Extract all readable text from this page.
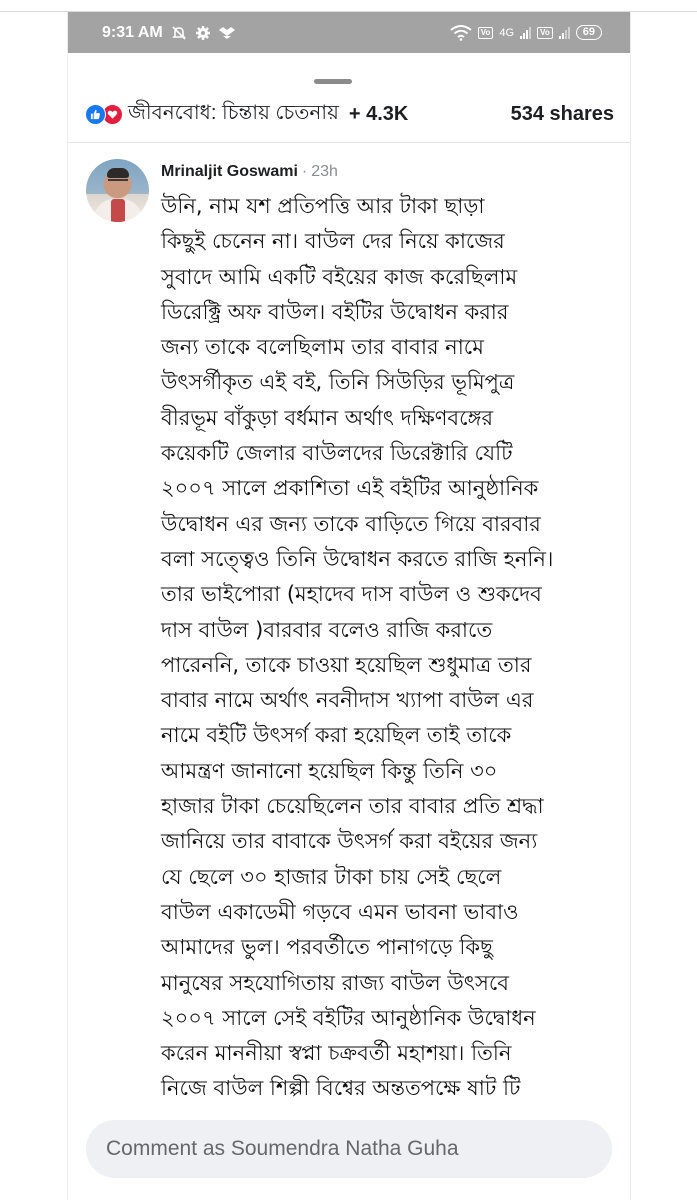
9:31 AM	Vo 4G	Vo	69
জীবনবোধ: চিন্তায় চেতনায় + 4.3K	534 shares
Mrinaljit Goswami · 23h
উনি, নাম যশ প্রতিপত্তি আর টাকা ছাড়া
কিছুই চেনেন না। বাউল দের নিয়ে কাজের
সুবাদে আমি একটি বইয়ের কাজ করেছিলাম
ডিরেক্ট্রি অফ বাউল। বইটির উদ্বোধন করার
জন্য তাকে বলেছিলাম তার বাবার নামে
উৎসর্গীকৃত এই বই, তিনি সিউড়ির ভূমিপুত্র
বীরভূম বাঁকুড়া বর্ধমান অর্থাৎ দক্ষিণবঙ্গের
কয়েকটি জেলার বাউলদের ডিরেক্টারি যেটি
২০০৭ সালে প্রকাশিতা এই বইটির আনুষ্ঠানিক
উদ্বোধন এর জন্য তাকে বাড়িতে গিয়ে বারবার
বলা সত্ত্বেও তিনি উদ্বোধন করতে রাজি হননি।
তার ভাইপোরা (মহাদেব দাস বাউল ও শুকদেব
দাস বাউল )বারবার বলেও রাজি করাতে
পারেননি, তাকে চাওয়া হয়েছিল শুধুমাত্র তার
বাবার নামে অর্থাৎ নবনীদাস খ্যাপা বাউল এর
নামে বইটি উৎসর্গ করা হয়েছিল তাই তাকে
আমন্ত্রণ জানানো হয়েছিল কিন্তু তিনি ৩০
হাজার টাকা চেয়েছিলেন তার বাবার প্রতি শ্রদ্ধা
জানিয়ে তার বাবাকে উৎসর্গ করা বইয়ের জন্য
যে ছেলে ৩০ হাজার টাকা চায় সেই ছেলে
বাউল একাডেমী গড়বে এমন ভাবনা ভাবাও
আমাদের ভুল। পরবর্তীতে পানাগড়ে কিছু
মানুষের সহযোগিতায় রাজ্য বাউল উৎসবে
২০০৭ সালে সেই বইটির আনুষ্ঠানিক উদ্বোধন
করেন মাননীয়া স্বপ্না চক্রবর্তী মহাশয়া। তিনি
নিজে বাউল শিল্পী বিশ্বের অন্ততপক্ষে ষাট টি
Comment as Soumendra Natha Guha
